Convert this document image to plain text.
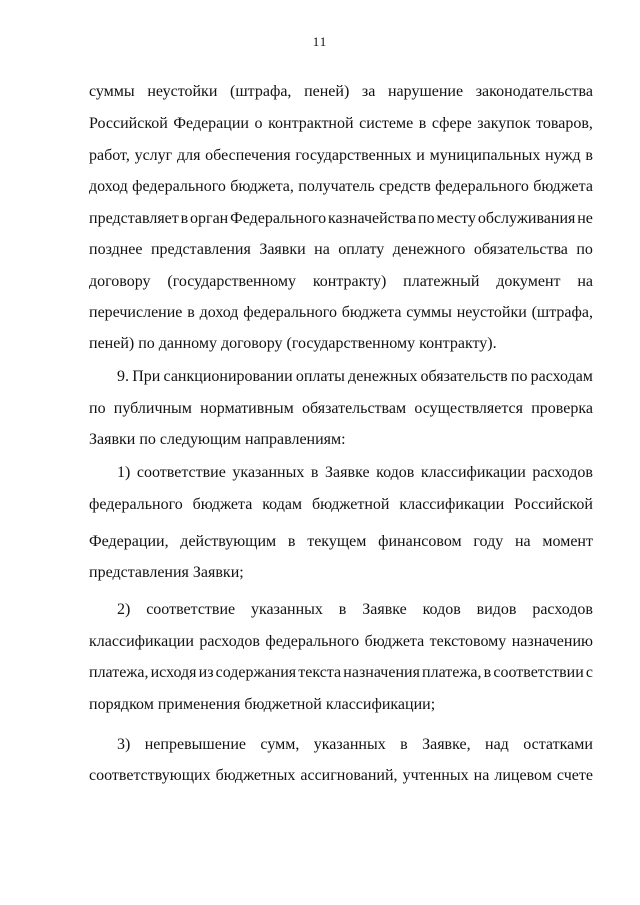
11
суммы неустойки (штрафа, пеней) за нарушение законодательства
Российской Федерации о контрактной системе в сфере закупок товаров,
работ, услуг для обеспечения государственных и муниципальных нужд в
доход федерального бюджета, получатель средств федерального бюджета
представляет в орган Федерального казначейства по месту обслуживания не
позднее представления Заявки на оплату денежного обязательства по
договору (государственному контракту) платежный документ на
перечисление в доход федерального бюджета суммы неустойки (штрафа,
пеней) по данному договору (государственному контракту).
9. При санкционировании оплаты денежных обязательств по расходам
по публичным нормативным обязательствам осуществляется проверка
Заявки по следующим направлениям:
1) соответствие указанных в Заявке кодов классификации расходов
федерального бюджета кодам бюджетной классификации Российской
Федерации, действующим в текущем финансовом году на момент
представления Заявки;
2) соответствие указанных в Заявке кодов видов расходов
классификации расходов федерального бюджета текстовому назначению
платежа, исходя из содержания текста назначения платежа, в соответствии с
порядком применения бюджетной классификации;
3) непревышение сумм, указанных в Заявке, над остатками
соответствующих бюджетных ассигнований, учтенных на лицевом счете
